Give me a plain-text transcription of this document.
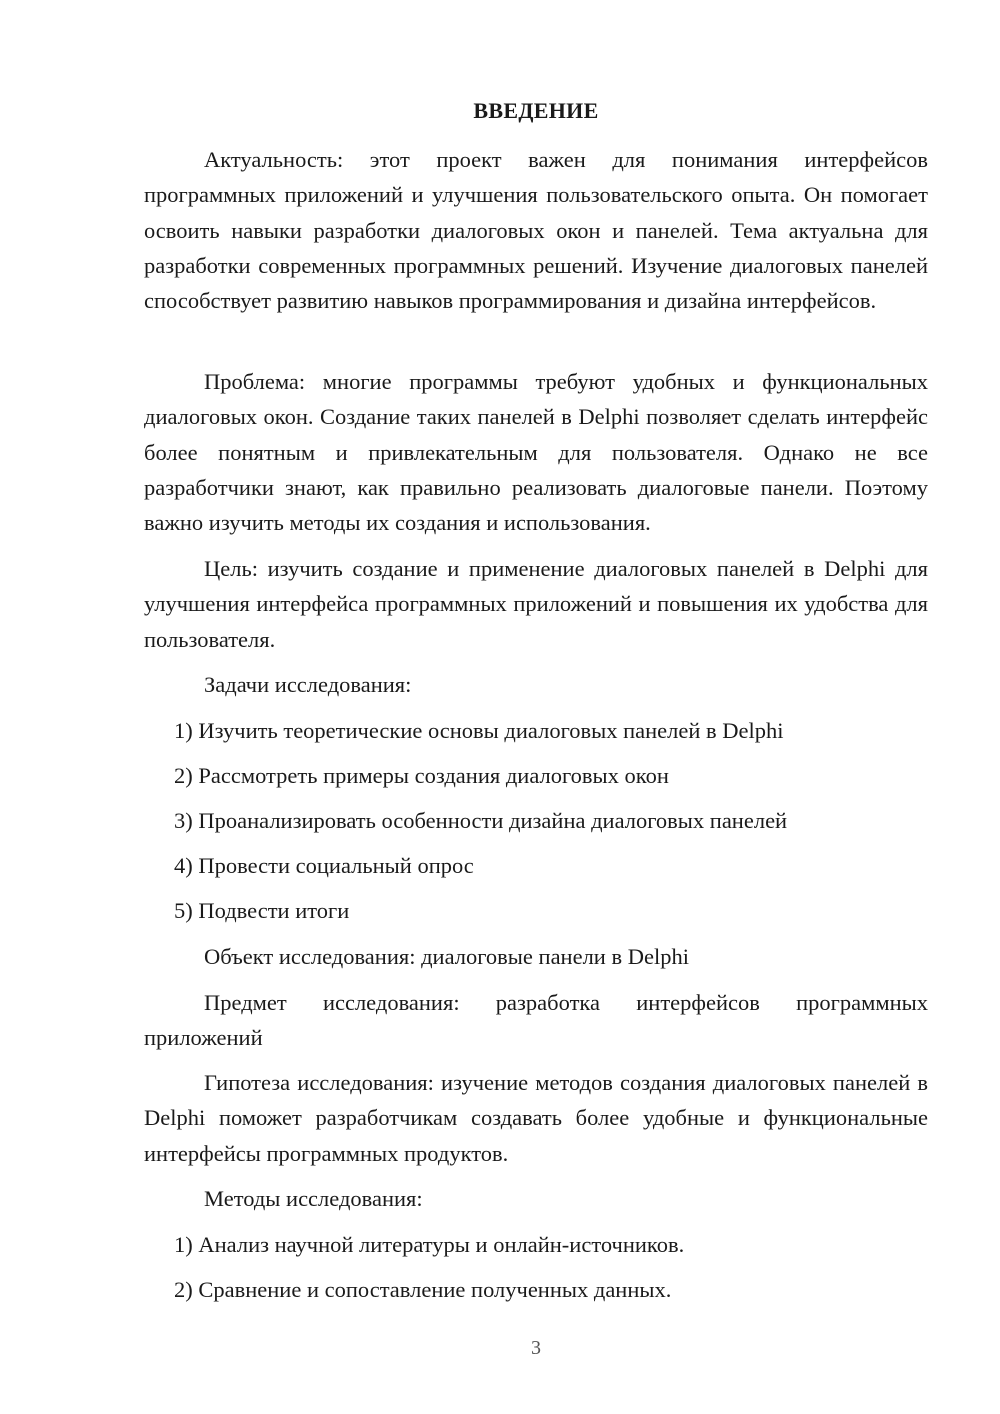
ВВЕДЕНИЕ
Актуальность: этот проект важен для понимания интерфейсов программных приложений и улучшения пользовательского опыта. Он помогает освоить навыки разработки диалоговых окон и панелей. Тема актуальна для разработки современных программных решений. Изучение диалоговых панелей способствует развитию навыков программирования и дизайна интерфейсов.
Проблема: многие программы требуют удобных и функциональных диалоговых окон. Создание таких панелей в Delphi позволяет сделать интерфейс более понятным и привлекательным для пользователя. Однако не все разработчики знают, как правильно реализовать диалоговые панели. Поэтому важно изучить методы их создания и использования.
Цель: изучить создание и применение диалоговых панелей в Delphi для улучшения интерфейса программных приложений и повышения их удобства для пользователя.
Задачи исследования:
1) Изучить теоретические основы диалоговых панелей в Delphi
2) Рассмотреть примеры создания диалоговых окон
3) Проанализировать особенности дизайна диалоговых панелей
4) Провести социальный опрос
5) Подвести итоги
Объект исследования: диалоговые панели в Delphi
Предмет исследования: разработка интерфейсов программных приложений
Гипотеза исследования: изучение методов создания диалоговых панелей в Delphi поможет разработчикам создавать более удобные и функциональные интерфейсы программных продуктов.
Методы исследования:
1) Анализ научной литературы и онлайн-источников.
2) Сравнение и сопоставление полученных данных.
3
